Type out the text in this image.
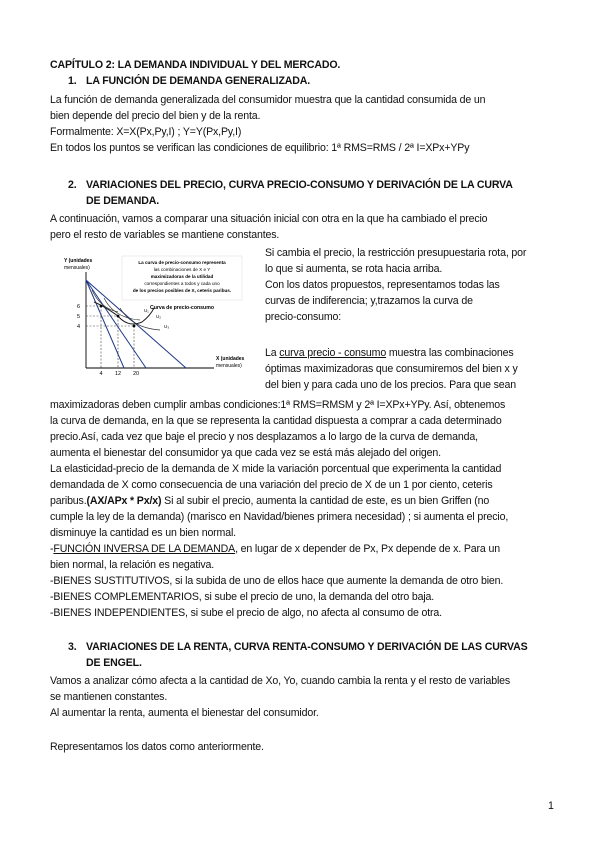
CAPÍTULO 2: LA DEMANDA INDIVIDUAL Y DEL MERCADO.
1. LA FUNCIÓN DE DEMANDA GENERALIZADA.
La función de demanda generalizada del consumidor muestra que la cantidad consumida de un
bien depende del precio del bien y de la renta.
Formalmente: X=X(Px,Py,I) ; Y=Y(Px,Py,I)
En todos los puntos se verifican las condiciones de equilibrio: 1ª RMS=RMS / 2ª I=XPx+YPy
2. VARIACIONES DEL PRECIO, CURVA PRECIO-CONSUMO Y DERIVACIÓN DE LA CURVA
DE DEMANDA.
A continuación, vamos a comparar una situación inicial con otra en la que ha cambiado el precio
pero el resto de variables se mantiene constantes.
Si cambia el precio, la restricción presupuestaria rota, por
lo que si aumenta, se rota hacia arriba.
Con los datos propuestos, representamos todas las
curvas de indiferencia; y,trazamos la curva de
precio-consumo:
La curva precio - consumo muestra las combinaciones
óptimas maximizadoras que consumiremos del bien x y
del bien y para cada uno de los precios. Para que sean
La curva de precio-consumo representa
las combinaciones de X e Y
maximizadoras de la utilidad
correspondientes a todos y cada uno
de los precios posibles de X, ceteris paribus.
Y (unidades
mensuales)
U₁
U₂
U₃
Curva de precio-consumo
6
5
4
4 12 20
X (unidades
mensuales)
maximizadoras deben cumplir ambas condiciones:1ª RMS=RMSM y 2ª I=XPx+YPy. Así, obtenemos
la curva de demanda, en la que se representa la cantidad dispuesta a comprar a cada determinado
precio.Así, cada vez que baje el precio y nos desplazamos a lo largo de la curva de demanda,
aumenta el bienestar del consumidor ya que cada vez se está más alejado del origen.
La elasticidad-precio de la demanda de X mide la variación porcentual que experimenta la cantidad
demandada de X como consecuencia de una variación del precio de X de un 1 por ciento, ceteris
paribus.(AX/APx * Px/x) Si al subir el precio, aumenta la cantidad de este, es un bien Griffen (no
cumple la ley de la demanda) (marisco en Navidad/bienes primera necesidad) ; si aumenta el precio,
disminuye la cantidad es un bien normal.
-FUNCIÓN INVERSA DE LA DEMANDA, en lugar de x depender de Px, Px depende de x. Para un
bien normal, la relación es negativa.
-BIENES SUSTITUTIVOS, si la subida de uno de ellos hace que aumente la demanda de otro bien.
-BIENES COMPLEMENTARIOS, si sube el precio de uno, la demanda del otro baja.
-BIENES INDEPENDIENTES, si sube el precio de algo, no afecta al consumo de otra.
3. VARIACIONES DE LA RENTA, CURVA RENTA-CONSUMO Y DERIVACIÓN DE LAS CURVAS
DE ENGEL.
Vamos a analizar cómo afecta a la cantidad de Xo, Yo, cuando cambia la renta y el resto de variables
se mantienen constantes.
Al aumentar la renta, aumenta el bienestar del consumidor.
Representamos los datos como anteriormente.
1
